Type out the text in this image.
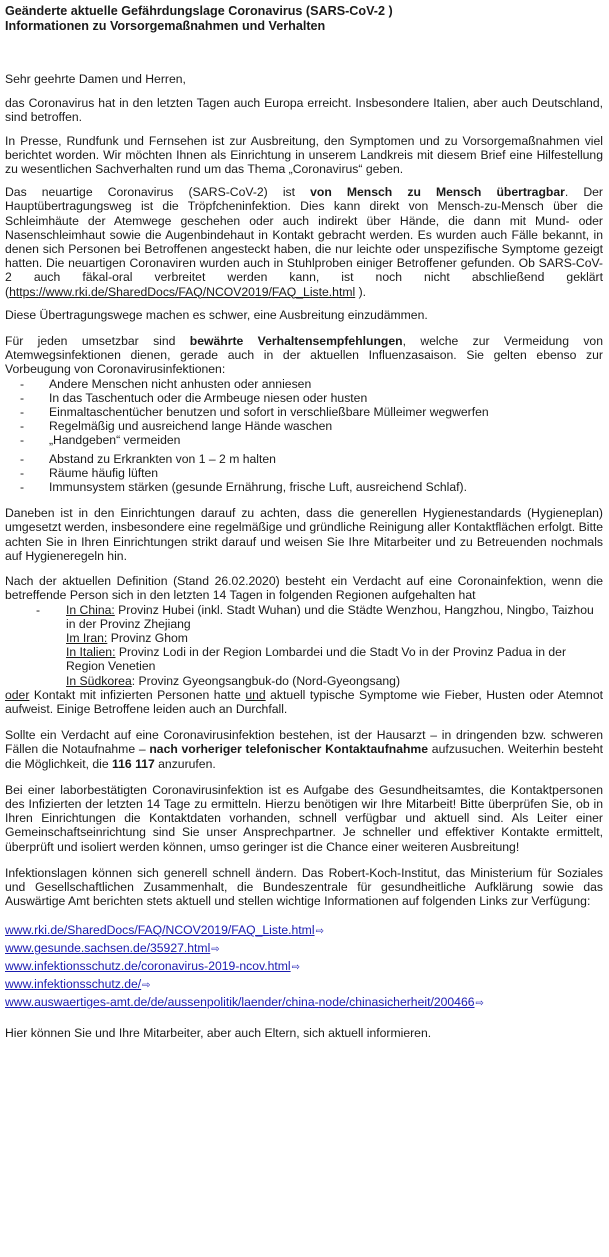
Geänderte aktuelle Gefährdungslage Coronavirus (SARS-CoV-2 )

Informationen zu Vorsorgemaßnahmen und Verhalten

Sehr geehrte Damen und Herren,

das Coronavirus hat in den letzten Tagen auch Europa erreicht. Insbesondere Italien, aber auch Deutschland, sind betroffen.

In Presse, Rundfunk und Fernsehen ist zur Ausbreitung, den Symptomen und zu Vorsorgemaßnahmen viel berichtet worden. Wir möchten Ihnen als Einrichtung in unserem Landkreis mit diesem Brief eine Hilfestellung zu wesentlichen Sachverhalten rund um das Thema „Coronavirus“ geben.

Das neuartige Coronavirus (SARS-CoV-2) ist von Mensch zu Mensch übertragbar. Der Hauptübertragungsweg ist die Tröpfcheninfektion. Dies kann direkt von Mensch-zu-Mensch über die Schleimhäute der Atemwege geschehen oder auch indirekt über Hände, die dann mit Mund- oder Nasenschleimhaut sowie die Augenbindehaut in Kontakt gebracht werden. Es wurden auch Fälle bekannt, in denen sich Personen bei Betroffenen angesteckt haben, die nur leichte oder unspezifische Symptome gezeigt hatten. Die neuartigen Coronaviren wurden auch in Stuhlproben einiger Betroffener gefunden. Ob SARS-CoV-2 auch fäkal-oral verbreitet werden kann, ist noch nicht abschließend geklärt (https://www.rki.de/SharedDocs/FAQ/NCOV2019/FAQ_Liste.html ).

Diese Übertragungswege machen es schwer, eine Ausbreitung einzudämmen.

Für jeden umsetzbar sind bewährte Verhaltensempfehlungen, welche zur Vermeidung von Atemwegsinfektionen dienen, gerade auch in der aktuellen Influenzasaison. Sie gelten ebenso zur Vorbeugung von Coronavirusinfektionen:

- Andere Menschen nicht anhusten oder anniesen
- In das Taschentuch oder die Armbeuge niesen oder husten
- Einmaltaschentücher benutzen und sofort in verschließbare Mülleimer wegwerfen
- Regelmäßig und ausreichend lange Hände waschen
- „Handgeben“ vermeiden
- Abstand zu Erkrankten von 1 – 2 m halten
- Räume häufig lüften
- Immunsystem stärken (gesunde Ernährung, frische Luft, ausreichend Schlaf).

Daneben ist in den Einrichtungen darauf zu achten, dass die generellen Hygienestandards (Hygieneplan) umgesetzt werden, insbesondere eine regelmäßige und gründliche Reinigung aller Kontaktflächen erfolgt. Bitte achten Sie in Ihren Einrichtungen strikt darauf und weisen Sie Ihre Mitarbeiter und zu Betreuenden nochmals auf Hygieneregeln hin.

Nach der aktuellen Definition (Stand 26.02.2020) besteht ein Verdacht auf eine Coronainfektion, wenn die betreffende Person sich in den letzten 14 Tagen in folgenden Regionen aufgehalten hat

- In China: Provinz Hubei (inkl. Stadt Wuhan) und die Städte Wenzhou, Hangzhou, Ningbo, Taizhou in der Provinz Zhejiang
Im Iran: Provinz Ghom
In Italien: Provinz Lodi in der Region Lombardei und die Stadt Vo in der Provinz Padua in der Region Venetien
In Südkorea: Provinz Gyeongsangbuk-do (Nord-Gyeongsang)

oder Kontakt mit infizierten Personen hatte und aktuell typische Symptome wie Fieber, Husten oder Atemnot aufweist. Einige Betroffene leiden auch an Durchfall.

Sollte ein Verdacht auf eine Coronavirusinfektion bestehen, ist der Hausarzt – in dringenden bzw. schweren Fällen die Notaufnahme – nach vorheriger telefonischer Kontaktaufnahme aufzusuchen. Weiterhin besteht die Möglichkeit, die 116 117 anzurufen.

Bei einer laborbestätigten Coronavirusinfektion ist es Aufgabe des Gesundheitsamtes, die Kontaktpersonen des Infizierten der letzten 14 Tage zu ermitteln. Hierzu benötigen wir Ihre Mitarbeit! Bitte überprüfen Sie, ob in Ihren Einrichtungen die Kontaktdaten vorhanden, schnell verfügbar und aktuell sind. Als Leiter einer Gemeinschaftseinrichtung sind Sie unser Ansprechpartner. Je schneller und effektiver Kontakte ermittelt, überprüft und isoliert werden können, umso geringer ist die Chance einer weiteren Ausbreitung!

Infektionslagen können sich generell schnell ändern. Das Robert-Koch-Institut, das Ministerium für Soziales und Gesellschaftlichen Zusammenhalt, die Bundeszentrale für gesundheitliche Aufklärung sowie das Auswärtige Amt berichten stets aktuell und stellen wichtige Informationen auf folgenden Links zur Verfügung:

www.rki.de/SharedDocs/FAQ/NCOV2019/FAQ_Liste.html⇨
www.gesunde.sachsen.de/35927.html⇨
www.infektionsschutz.de/coronavirus-2019-ncov.html⇨
www.infektionsschutz.de/⇨
www.auswaertiges-amt.de/de/aussenpolitik/laender/china-node/chinasicherheit/200466⇨

Hier können Sie und Ihre Mitarbeiter, aber auch Eltern, sich aktuell informieren.
